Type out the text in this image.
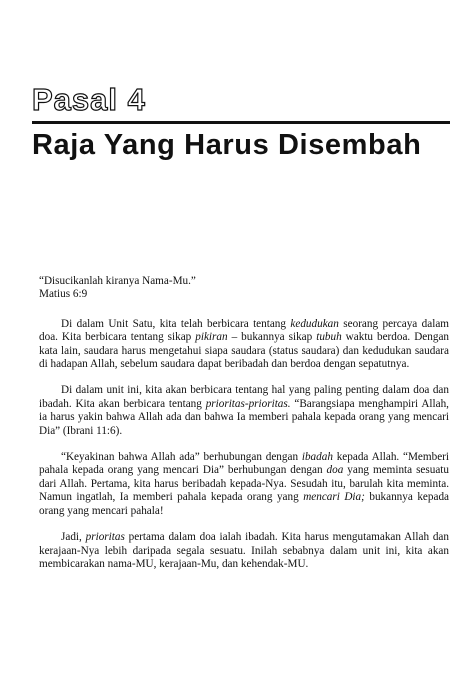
Pasal 4
Raja Yang Harus Disembah
“Disucikanlah kiranya Nama-Mu.”
Matius 6:9

Di dalam Unit Satu, kita telah berbicara tentang kedudukan seorang percaya dalam doa. Kita berbicara tentang sikap pikiran – bukannya sikap tubuh waktu berdoa. Dengan kata lain, saudara harus mengetahui siapa saudara (status saudara) dan kedudukan saudara di hadapan Allah, sebelum saudara dapat beribadah dan berdoa dengan sepatutnya.

Di dalam unit ini, kita akan berbicara tentang hal yang paling penting dalam doa dan ibadah. Kita akan berbicara tentang prioritas-prioritas. “Barangsiapa menghampiri Allah, ia harus yakin bahwa Allah ada dan bahwa Ia memberi pahala kepada orang yang mencari Dia” (Ibrani 11:6).

“Keyakinan bahwa Allah ada” berhubungan dengan ibadah kepada Allah. “Memberi pahala kepada orang yang mencari Dia” berhubungan dengan doa yang meminta sesuatu dari Allah. Pertama, kita harus beribadah kepada-Nya. Sesudah itu, barulah kita meminta. Namun ingatlah, Ia memberi pahala kepada orang yang mencari Dia; bukannya kepada orang yang mencari pahala!

Jadi, prioritas pertama dalam doa ialah ibadah. Kita harus mengutamakan Allah dan kerajaan-Nya lebih daripada segala sesuatu. Inilah sebabnya dalam unit ini, kita akan membicarakan nama-MU, kerajaan-Mu, dan kehendak-MU.
